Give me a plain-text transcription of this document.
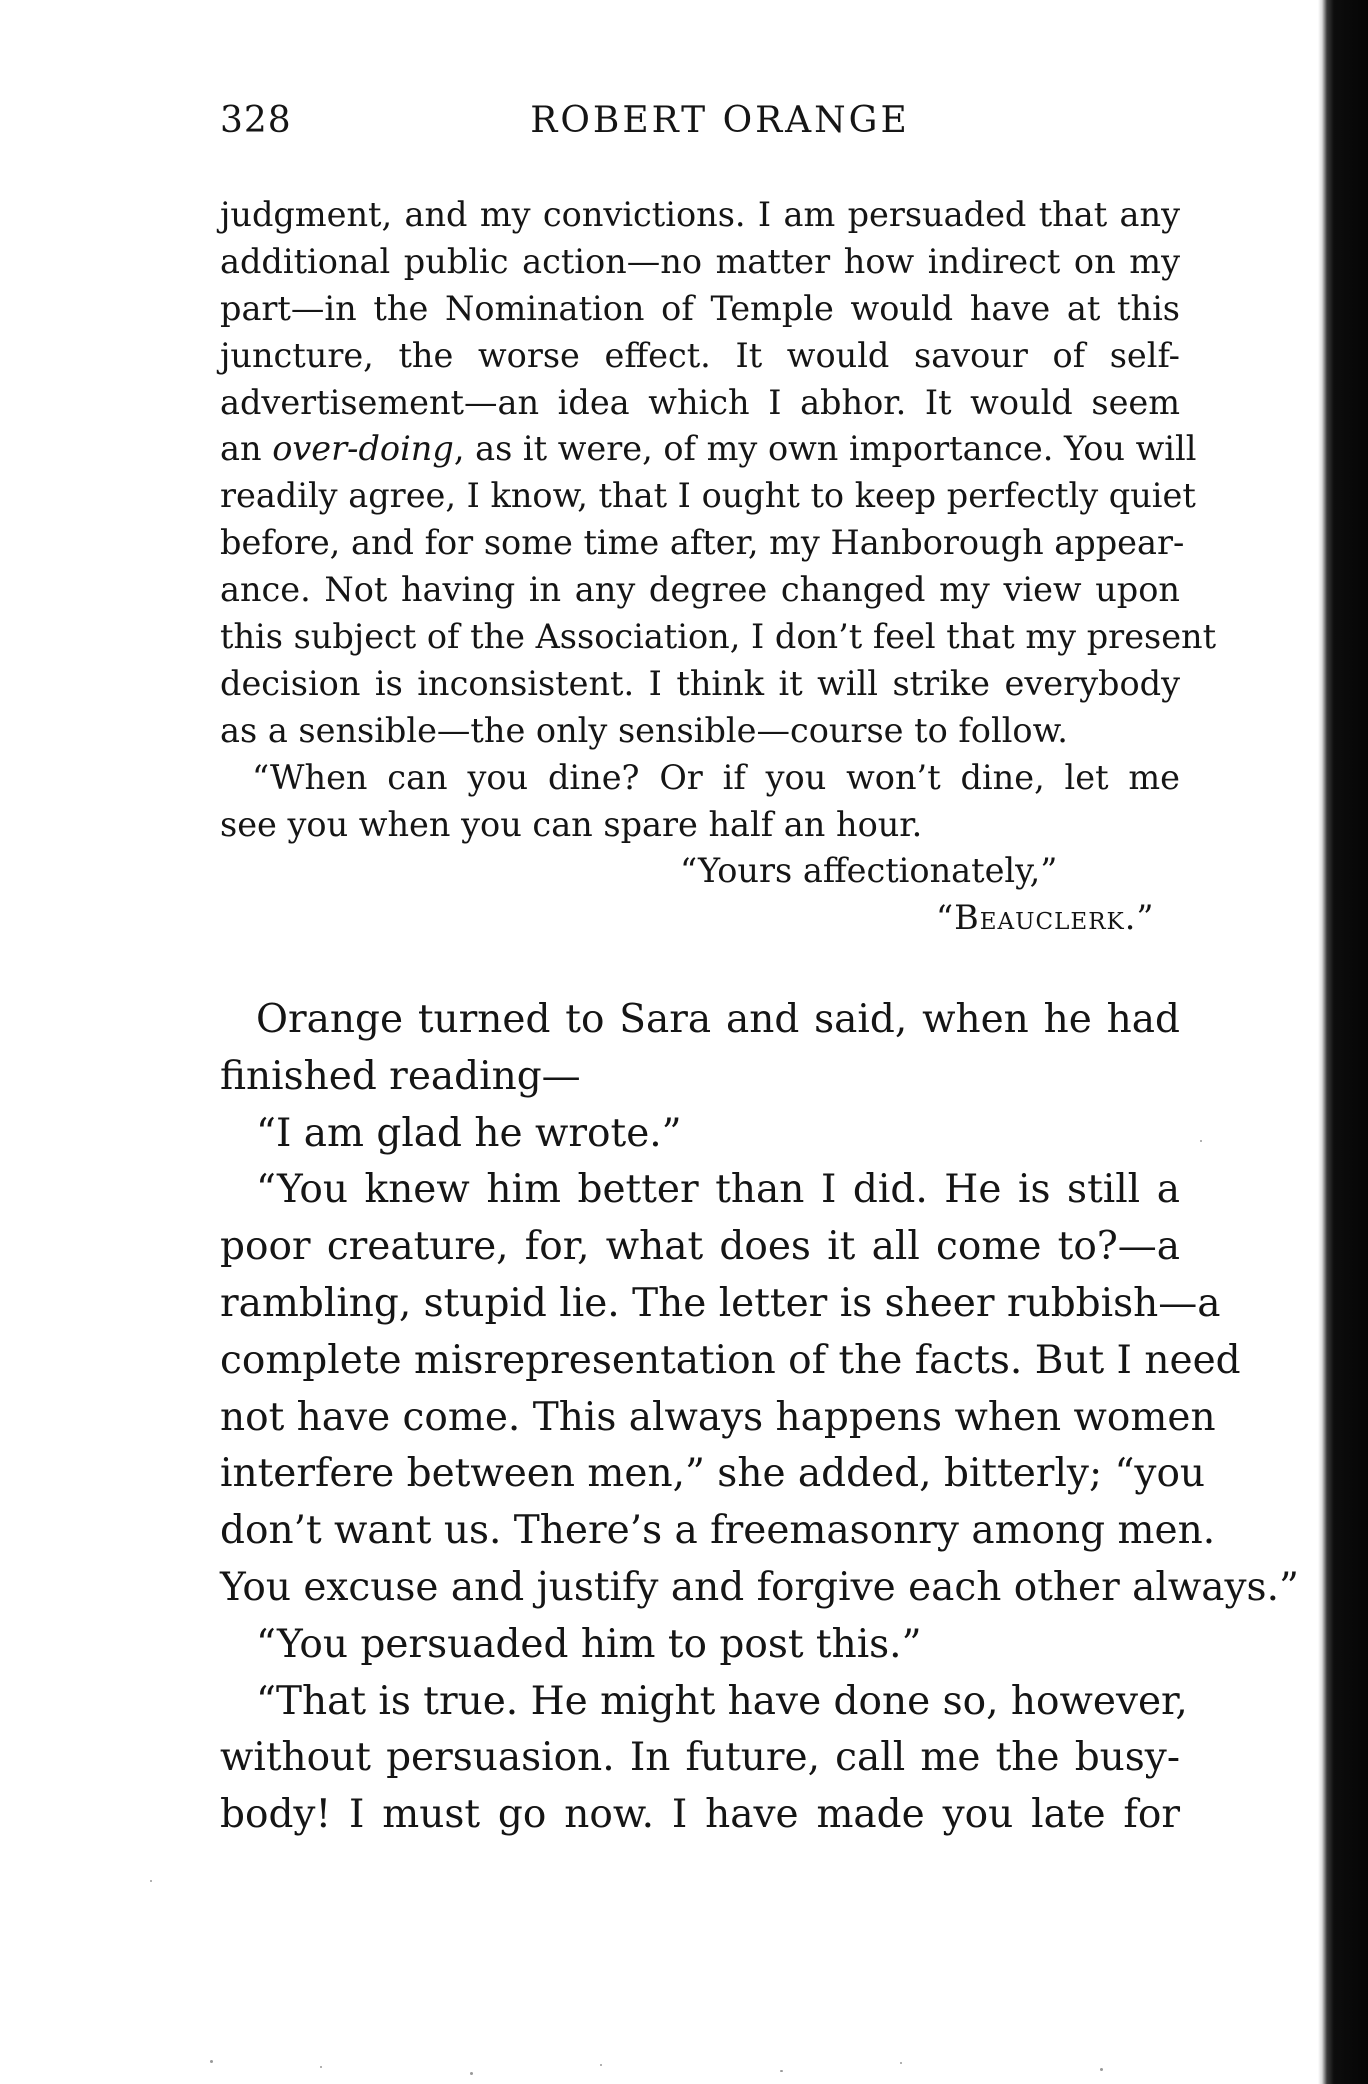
328	ROBERT ORANGE
judgment, and my convictions. I am persuaded that any
additional public action—no matter how indirect on my
part—in the Nomination of Temple would have at this
juncture, the worse effect. It would savour of self-
advertisement—an idea which I abhor. It would seem
an over-doing, as it were, of my own importance. You will
readily agree, I know, that I ought to keep perfectly quiet
before, and for some time after, my Hanborough appear-
ance. Not having in any degree changed my view upon
this subject of the Association, I don’t feel that my present
decision is inconsistent. I think it will strike everybody
as a sensible—the only sensible—course to follow.
“When can you dine? Or if you won’t dine, let me
see you when you can spare half an hour.
“Yours affectionately,”
“Beauclerk.”
Orange turned to Sara and said, when he had
finished reading—
“I am glad he wrote.”
“You knew him better than I did. He is still a
poor creature, for, what does it all come to?—a
rambling, stupid lie. The letter is sheer rubbish—a
complete misrepresentation of the facts. But I need
not have come. This always happens when women
interfere between men,” she added, bitterly; “you
don’t want us. There’s a freemasonry among men.
You excuse and justify and forgive each other always.”
“You persuaded him to post this.”
“That is true. He might have done so, however,
without persuasion. In future, call me the busy-
body! I must go now. I have made you late for
